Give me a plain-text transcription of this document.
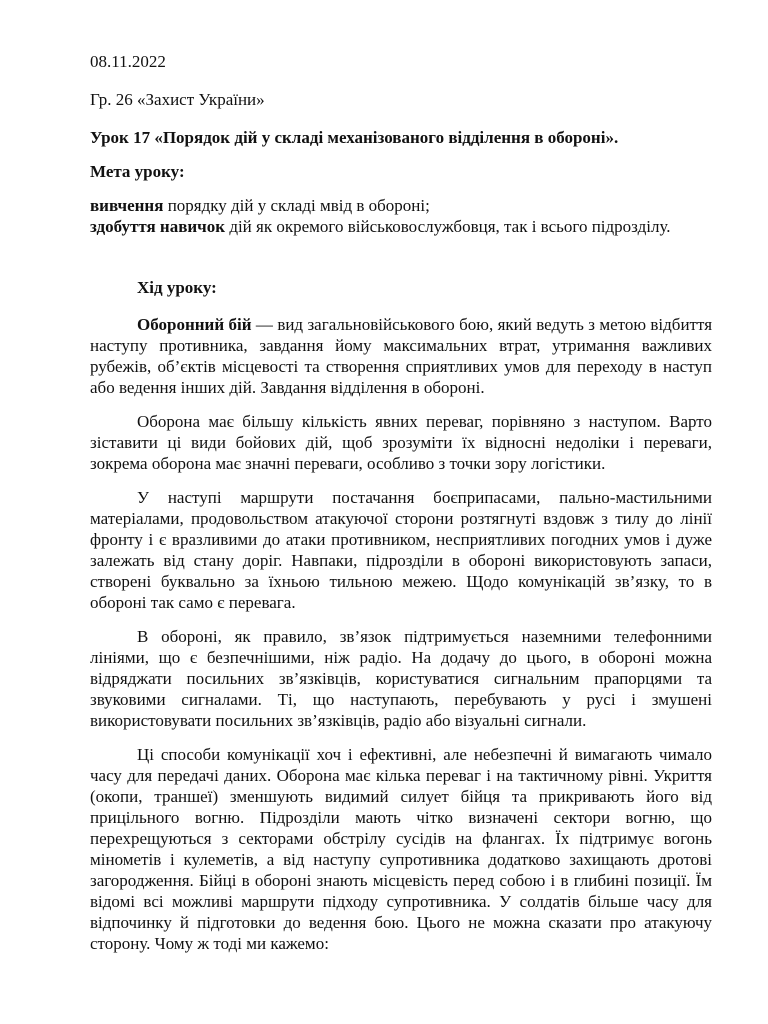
08.11.2022

Гр. 26 «Захист України»

Урок 17 «Порядок дій у складі механізованого відділення в обороні».

Мета уроку:

вивчення порядку дій у складі мвід в обороні;

здобуття навичок дій як окремого військовослужбовця, так і всього підрозділу.

Хід уроку:

Оборонний бій — вид загальновійськового бою, який ведуть з метою відбиття наступу противника, завдання йому максимальних втрат, утримання важливих рубежів, об’єктів місцевості та створення сприятливих умов для переходу в наступ або ведення інших дій. Завдання відділення в обороні.

Оборона має більшу кількість явних переваг, порівняно з наступом. Варто зіставити ці види бойових дій, щоб зрозуміти їх відносні недоліки і переваги, зокрема оборона має значні переваги, особливо з точки зору логістики.

У наступі маршрути постачання боєприпасами, пально-мастильними матеріалами, продовольством атакуючої сторони розтягнуті вздовж з тилу до лінії фронту і є вразливими до атаки противником, несприятливих погодних умов і дуже залежать від стану доріг. Навпаки, підрозділи в обороні використовують запаси, створені буквально за їхньою тильною межею. Щодо комунікацій зв’язку, то в обороні так само є перевага.

В обороні, як правило, зв’язок підтримується наземними телефонними лініями, що є безпечнішими, ніж радіо. На додачу до цього, в обороні можна відряджати посильних зв’язківців, користуватися сигнальним прапорцями та звуковими сигналами. Ті, що наступають, перебувають у русі і змушені використовувати посильних зв’язківців, радіо або візуальні сигнали.

Ці способи комунікації хоч і ефективні, але небезпечні й вимагають чимало часу для передачі даних. Оборона має кілька переваг і на тактичному рівні. Укриття (окопи, траншеї) зменшують видимий силует бійця та прикривають його від прицільного вогню. Підрозділи мають чітко визначені сектори вогню, що перехрещуються з секторами обстрілу сусідів на флангах. Їх підтримує вогонь мінометів і кулеметів, а від наступу супротивника додатково захищають дротові загородження. Бійці в обороні знають місцевість перед собою і в глибині позиції. Їм відомі всі можливі маршрути підходу супротивника. У солдатів більше часу для відпочинку й підготовки до ведення бою. Цього не можна сказати про атакуючу сторону. Чому ж тоді ми кажемо:
